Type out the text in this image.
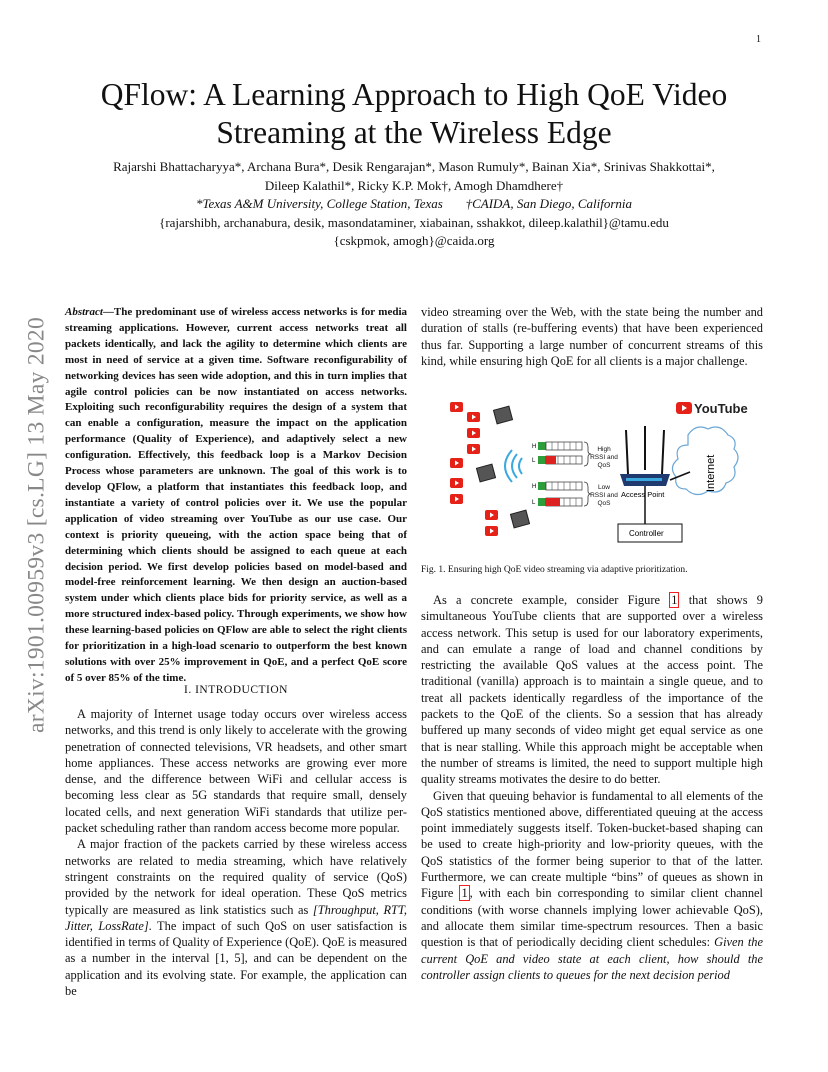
1
arXiv:1901.00959v3 [cs.LG] 13 May 2020
QFlow: A Learning Approach to High QoE Video
Streaming at the Wireless Edge
Rajarshi Bhattacharyya*, Archana Bura*, Desik Rengarajan*, Mason Rumuly*, Bainan Xia*, Srinivas Shakkottai*,
Dileep Kalathil*, Ricky K.P. Mok†, Amogh Dhamdhere†
*Texas A&M University, College Station, Texas †CAIDA, San Diego, California
{rajarshibh, archanabura, desik, masondataminer, xiabainan, sshakkot, dileep.kalathil}@tamu.edu
{cskpmok, amogh}@caida.org
Abstract—The predominant use of wireless access networks is for media streaming applications. However, current access networks treat all packets identically, and lack the agility to determine which clients are most in need of service at a given time. Software reconfigurability of networking devices has seen wide adoption, and this in turn implies that agile control policies can be now instantiated on access networks. Exploiting such reconfigurability requires the design of a system that can enable a configuration, measure the impact on the application performance (Quality of Experience), and adaptively select a new configuration. Effectively, this feedback loop is a Markov Decision Process whose parameters are unknown. The goal of this work is to develop QFlow, a platform that instantiates this feedback loop, and instantiate a variety of control policies over it. We use the popular application of video streaming over YouTube as our use case. Our context is priority queueing, with the action space being that of determining which clients should be assigned to each queue at each decision period. We first develop policies based on model-based and model-free reinforcement learning. We then design an auction-based system under which clients place bids for priority service, as well as a more structured index-based policy. Through experiments, we show how these learning-based policies on QFlow are able to select the right clients for prioritization in a high-load scenario to outperform the best known solutions with over 25% improvement in QoE, and a perfect QoE score of 5 over 85% of the time.
I. INTRODUCTION

A majority of Internet usage today occurs over wireless access networks, and this trend is only likely to accelerate with the growing penetration of connected televisions, VR headsets, and other smart home appliances. These access networks are growing ever more dense, and the difference between WiFi and cellular access is becoming less clear as 5G standards that require small, densely located cells, and next generation WiFi standards that utilize per-packet scheduling rather than random access become more popular.

A major fraction of the packets carried by these wireless access networks are related to media streaming, which have relatively stringent constraints on the required quality of service (QoS) provided by the network for ideal operation. These QoS metrics typically are measured as link statistics such as [Throughput, RTT, Jitter, LossRate]. The impact of such QoS on user satisfaction is identified in terms of Quality of Experience (QoE). QoE is measured as a number in the interval [1, 5], and can be dependent on the application and its evolving state. For example, the application can be

video streaming over the Web, with the state being the number and duration of stalls (re-buffering events) that have been experienced thus far. Supporting a large number of concurrent streams of this kind, while ensuring high QoE for all clients is a major challenge.

H
L
H
L
High RSSI and QoS
Low RSSI and QoS
Access Point
YouTube
Internet
Controller
Fig. 1. Ensuring high QoE video streaming via adaptive prioritization.

As a concrete example, consider Figure 1 that shows 9 simultaneous YouTube clients that are supported over a wireless access network. This setup is used for our laboratory experiments, and can emulate a range of load and channel conditions by restricting the available QoS values at the access point. The traditional (vanilla) approach is to maintain a single queue, and to treat all packets identically regardless of the importance of the packets to the QoE of the clients. So a session that has already buffered up many seconds of video might get equal service as one that is near stalling. While this approach might be acceptable when the number of streams is limited, the need to support multiple high quality streams motivates the desire to do better.

Given that queuing behavior is fundamental to all elements of the QoS statistics mentioned above, differentiated queuing at the access point immediately suggests itself. Token-bucket-based shaping can be used to create high-priority and low-priority queues, with the QoS statistics of the former being superior to that of the latter. Furthermore, we can create multiple “bins” of queues as shown in Figure 1 , with each bin corresponding to similar client channel conditions (with worse channels implying lower achievable QoS), and allocate them similar time-spectrum resources. Then a basic question is that of periodically deciding client schedules: Given the current QoE and video state at each client, how should the controller assign clients to queues for the next decision period
